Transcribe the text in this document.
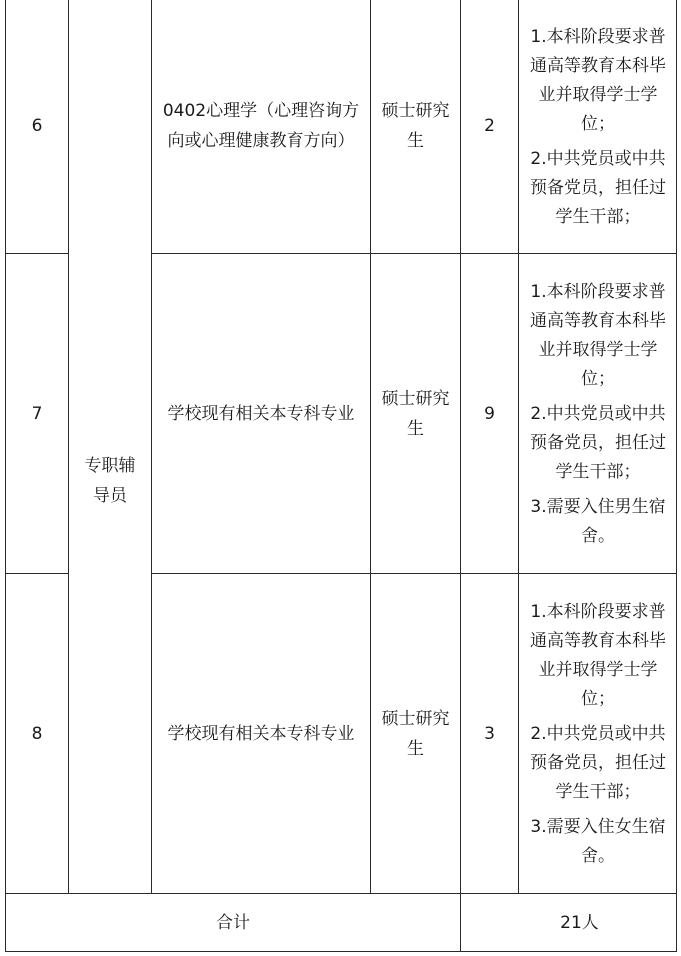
6	专职辅导员	0402心理学（心理咨询方向或心理健康教育方向）	硕士研究生	2	1.本科阶段要求普通高等教育本科毕业并取得学士学位；
2.中共党员或中共预备党员，担任过学生干部；

7		学校现有相关本专科专业	硕士研究生	9	1.本科阶段要求普通高等教育本科毕业并取得学士学位；
2.中共党员或中共预备党员，担任过学生干部；
3.需要入住男生宿舍。

8		学校现有相关本专科专业	硕士研究生	3	1.本科阶段要求普通高等教育本科毕业并取得学士学位；
2.中共党员或中共预备党员，担任过学生干部；
3.需要入住女生宿舍。

合计				21人	
